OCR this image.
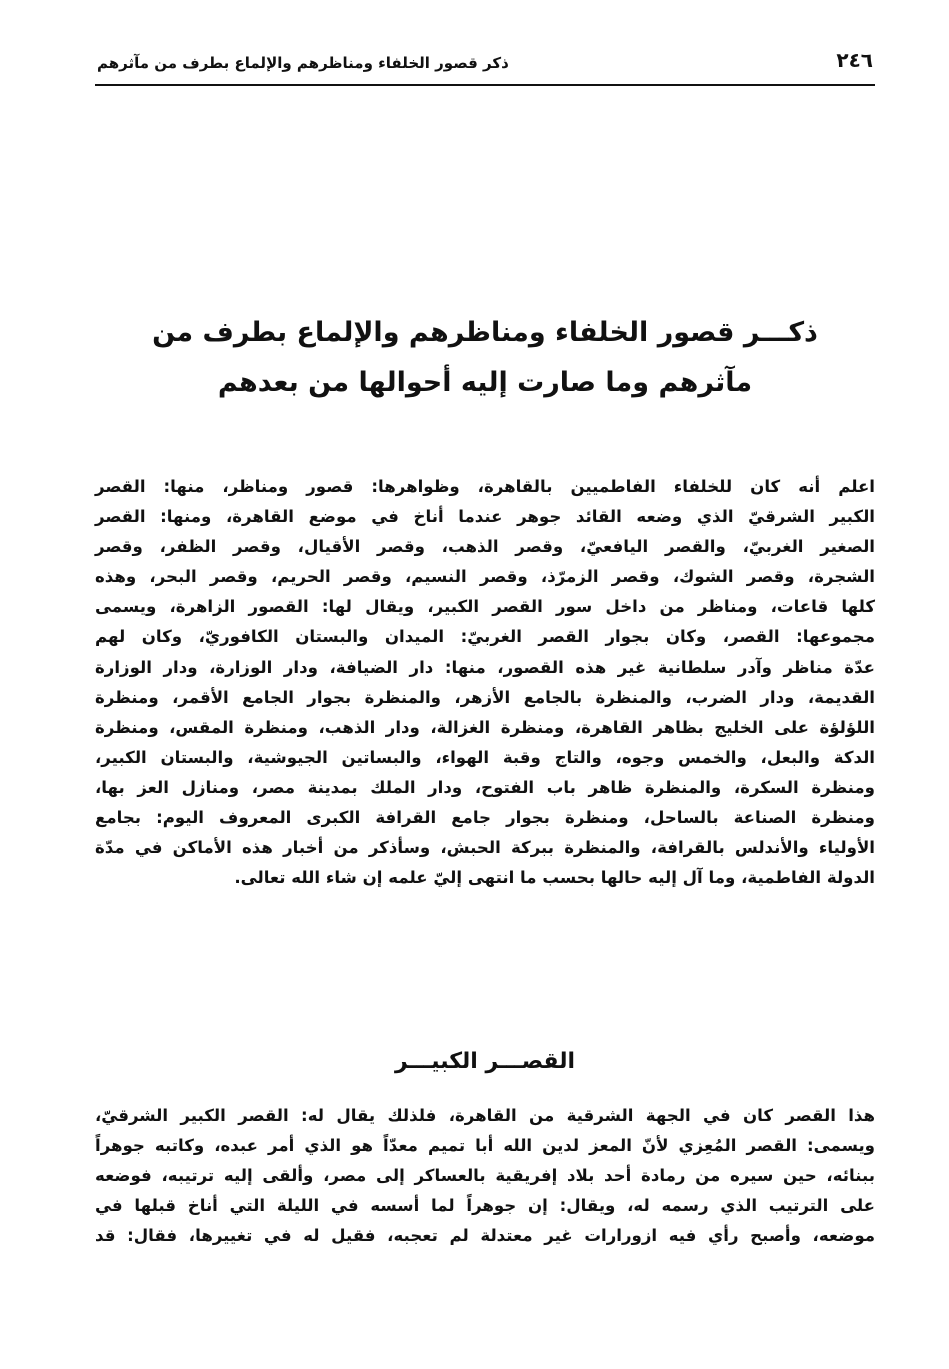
٢٤٦
ذكر قصور الخلفاء ومناظرهم والإلماع بطرف من مآثرهم
ذكـــر قصور الخلفاء ومناظرهم والإلماع بطرف من
مآثرهم وما صارت إليه أحوالها من بعدهم
اعلم أنه كان للخلفاء الفاطميين بالقاهرة، وظواهرها: قصور ومناظر، منها: القصر
الكبير الشرقيّ الذي وضعه القائد جوهر عندما أناخ في موضع القاهرة، ومنها: القصر
الصغير الغربيّ، والقصر اليافعيّ، وقصر الذهب، وقصر الأقيال، وقصر الظفر، وقصر
الشجرة، وقصر الشوك، وقصر الزمرّذ، وقصر النسيم، وقصر الحريم، وقصر البحر، وهذه
كلها قاعات، ومناظر من داخل سور القصر الكبير، ويقال لها: القصور الزاهرة، ويسمى
مجموعها: القصر، وكان بجوار القصر الغربيّ: الميدان والبستان الكافوريّ، وكان لهم
عدّة مناظر وآدر سلطانية غير هذه القصور، منها: دار الضيافة، ودار الوزارة، ودار الوزارة
القديمة، ودار الضرب، والمنظرة بالجامع الأزهر، والمنظرة بجوار الجامع الأقمر، ومنظرة
اللؤلؤة على الخليج بظاهر القاهرة، ومنظرة الغزالة، ودار الذهب، ومنظرة المقس، ومنظرة
الدكة والبعل، والخمس وجوه، والتاج وقبة الهواء، والبساتين الجيوشية، والبستان الكبير،
ومنظرة السكرة، والمنظرة ظاهر باب الفتوح، ودار الملك بمدينة مصر، ومنازل العز بها،
ومنظرة الصناعة بالساحل، ومنظرة بجوار جامع القرافة الكبرى المعروف اليوم: بجامع
الأولياء والأندلس بالقرافة، والمنظرة ببركة الحبش، وسأذكر من أخبار هذه الأماكن في مدّة
الدولة الفاطمية، وما آل إليه حالها بحسب ما انتهى إليّ علمه إن شاء الله تعالى.
القصـــر الكبيـــر
هذا القصر كان في الجهة الشرقية من القاهرة، فلذلك يقال له: القصر الكبير الشرقيّ،
ويسمى: القصر المُعِزي لأنّ المعز لدين الله أبا تميم معدّاً هو الذي أمر عبده، وكاتبه جوهراً
ببنائه، حين سيره من رمادة أحد بلاد إفريقية بالعساكر إلى مصر، وألقى إليه ترتيبه، فوضعه
على الترتيب الذي رسمه له، ويقال: إن جوهراً لما أسسه في الليلة التي أناخ قبلها في
موضعه، وأصبح رأي فيه ازورارات غير معتدلة لم تعجبه، فقيل له في تغييرها، فقال: قد
